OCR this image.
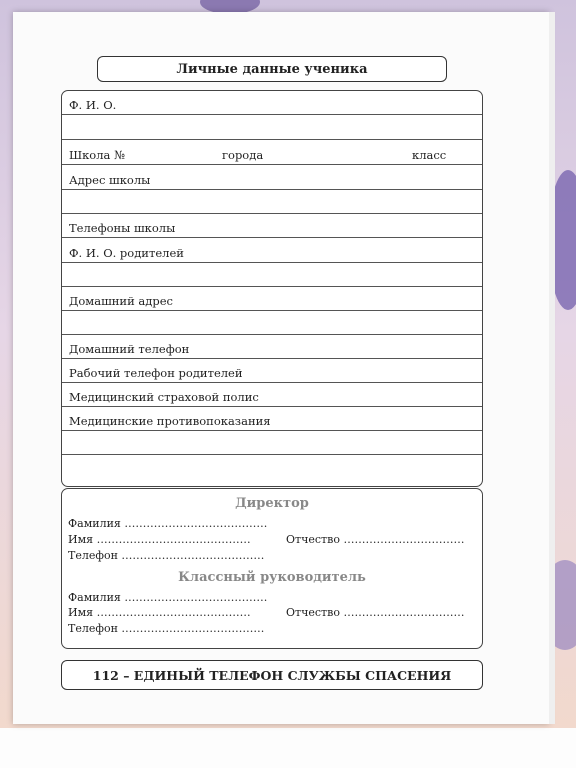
Личные данные ученика
Ф. И. О.
Школа №	города	класс
Адрес школы
Телефоны школы
Ф. И. О. родителей
Домашний адрес
Домашний телефон
Рабочий телефон родителей
Медицинский страховой полис
Медицинские противопоказания
Директор
Фамилия …………………………………
Имя ……………………………………	Отчество ……………………………
Телефон …………………………………
Классный руководитель
Фамилия …………………………………
Имя ……………………………………	Отчество ……………………………
Телефон …………………………………
112 – ЕДИНЫЙ ТЕЛЕФОН СЛУЖБЫ СПАСЕНИЯ
